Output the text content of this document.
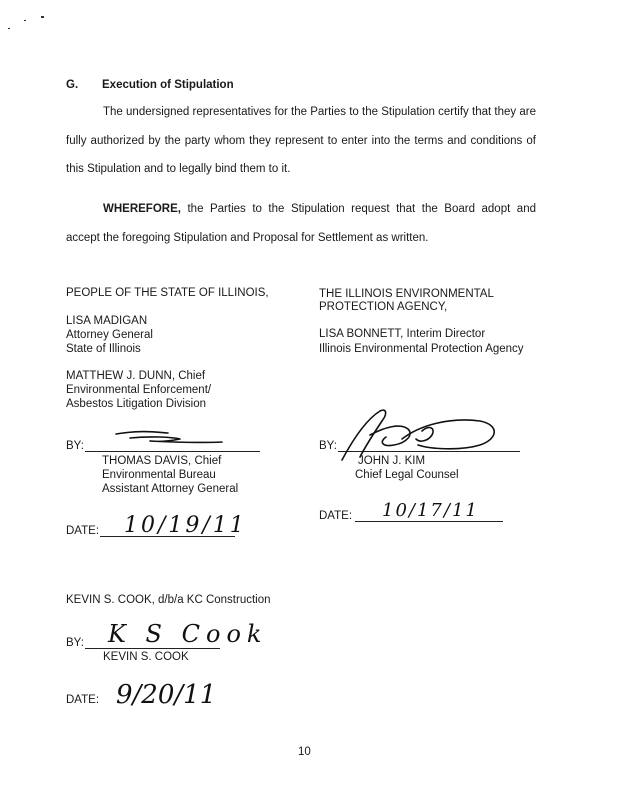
G. Execution of Stipulation
The undersigned representatives for the Parties to the Stipulation certify that they are fully authorized by the party whom they represent to enter into the terms and conditions of this Stipulation and to legally bind them to it.
WHEREFORE, the Parties to the Stipulation request that the Board adopt and accept the foregoing Stipulation and Proposal for Settlement as written.
PEOPLE OF THE STATE OF ILLINOIS,
LISA MADIGAN
Attorney General
State of Illinois
MATTHEW J. DUNN, Chief
Environmental Enforcement/
Asbestos Litigation Division
BY:
THOMAS DAVIS, Chief
Environmental Bureau
Assistant Attorney General
DATE: 10/19/11
THE ILLINOIS ENVIRONMENTAL
PROTECTION AGENCY,
LISA BONNETT, Interim Director
Illinois Environmental Protection Agency
BY:
JOHN J. KIM
Chief Legal Counsel
DATE: 10/17/11
KEVIN S. COOK, d/b/a KC Construction
BY: K S Cook
KEVIN S. COOK
DATE: 9/20/11
10
